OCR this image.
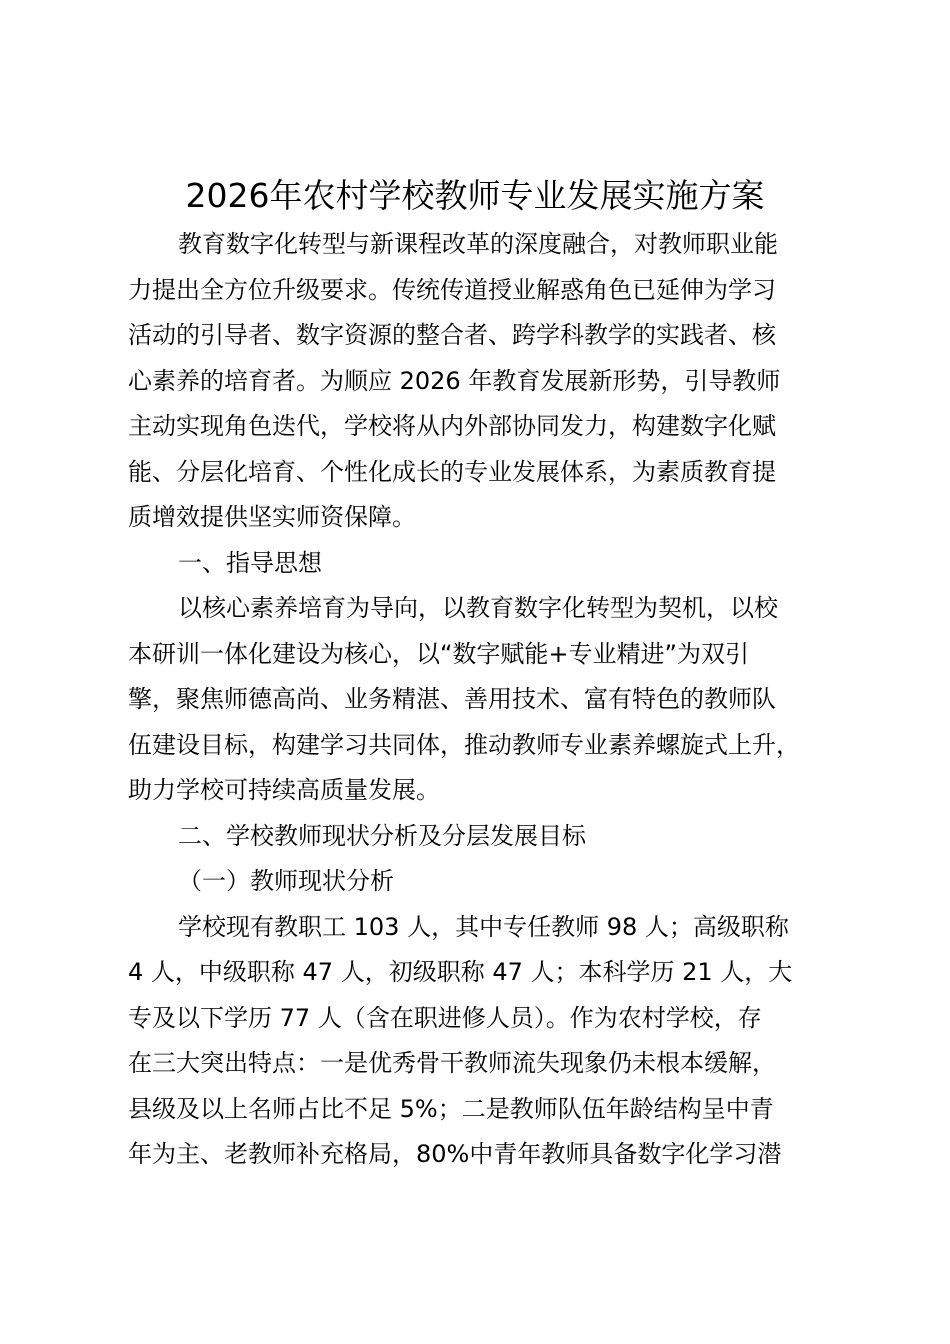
2026年农村学校教师专业发展实施方案
教育数字化转型与新课程改革的深度融合，对教师职业能
力提出全方位升级要求。传统传道授业解惑角色已延伸为学习
活动的引导者、数字资源的整合者、跨学科教学的实践者、核
心素养的培育者。为顺应 2026 年教育发展新形势，引导教师
主动实现角色迭代，学校将从内外部协同发力，构建数字化赋
能、分层化培育、个性化成长的专业发展体系，为素质教育提
质增效提供坚实师资保障。
一、指导思想
以核心素养培育为导向，以教育数字化转型为契机，以校
本研训一体化建设为核心，以“数字赋能+专业精进”为双引
擎，聚焦师德高尚、业务精湛、善用技术、富有特色的教师队
伍建设目标，构建学习共同体，推动教师专业素养螺旋式上升，
助力学校可持续高质量发展。
二、学校教师现状分析及分层发展目标
（一）教师现状分析
学校现有教职工 103 人，其中专任教师 98 人；高级职称
4 人，中级职称 47 人，初级职称 47 人；本科学历 21 人，大
专及以下学历 77 人（含在职进修人员）。作为农村学校，存
在三大突出特点：一是优秀骨干教师流失现象仍未根本缓解，
县级及以上名师占比不足 5%；二是教师队伍年龄结构呈中青
年为主、老教师补充格局，80%中青年教师具备数字化学习潜
